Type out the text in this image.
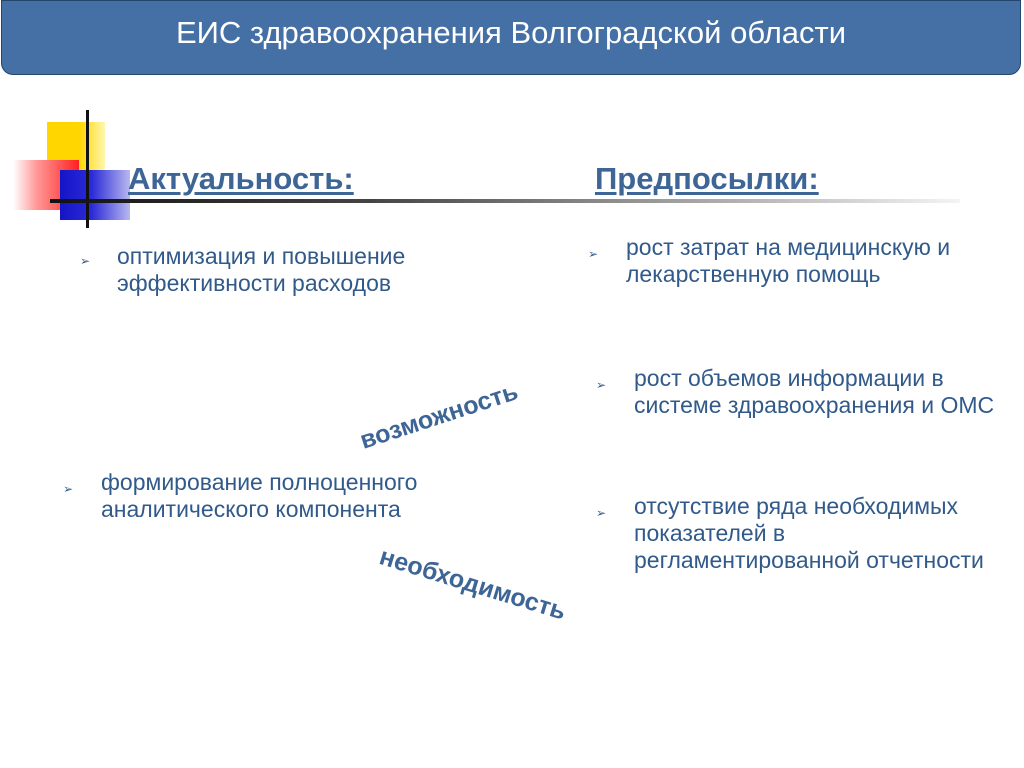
ЕИС здравоохранения Волгоградской области
Актуальность:	Предпосылки:
➢ оптимизация и повышение эффективности расходов
➢ формирование полноценного аналитического компонента
➢ рост затрат на медицинскую и лекарственную помощь
➢ рост объемов информации в системе здравоохранения и ОМС
➢ отсутствие ряда необходимых показателей в регламентированной отчетности
возможность
необходимость
